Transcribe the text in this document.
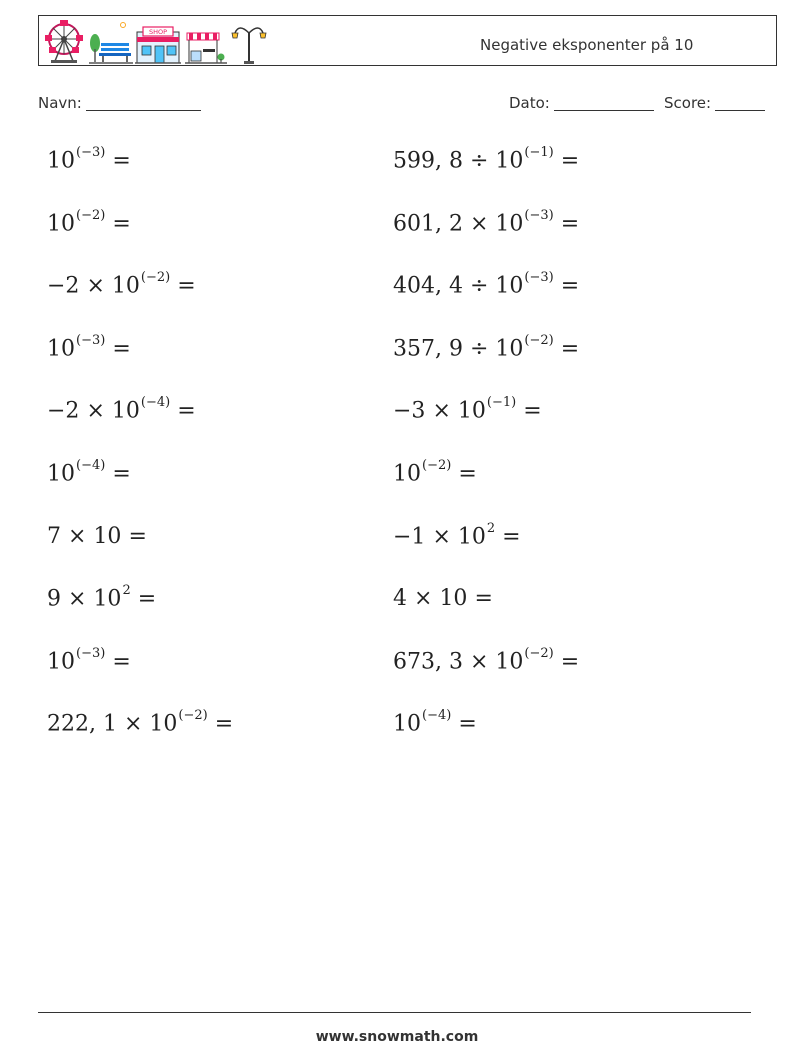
SHOP
Negative eksponenter på 10
Navn:	Dato:	Score:
$10^{(-3)}$ =
$10^{(-2)}$ =
$-2 \times 10^{(-2)}$ =
$10^{(-3)}$ =
$-2 \times 10^{(-4)}$ =
$10^{(-4)}$ =
7 × 10 =
$9 \times 10^2$ =
$10^{(-3)}$ =
222, $1 \times 10^{(-2)}$ =
599, $8 \div 10^{(-1)}$ =
601, $2 \times 10^{(-3)}$ =
404, $4 \div 10^{(-3)}$ =
357, $9 \div 10^{(-2)}$ =
$-3 \times 10^{(-1)}$ =
$10^{(-2)}$ =
$-1 \times 10^2$ =
4 × 10 =
673, $3 \times 10^{(-2)}$ =
$10^{(-4)}$ =
www.snowmath.com
